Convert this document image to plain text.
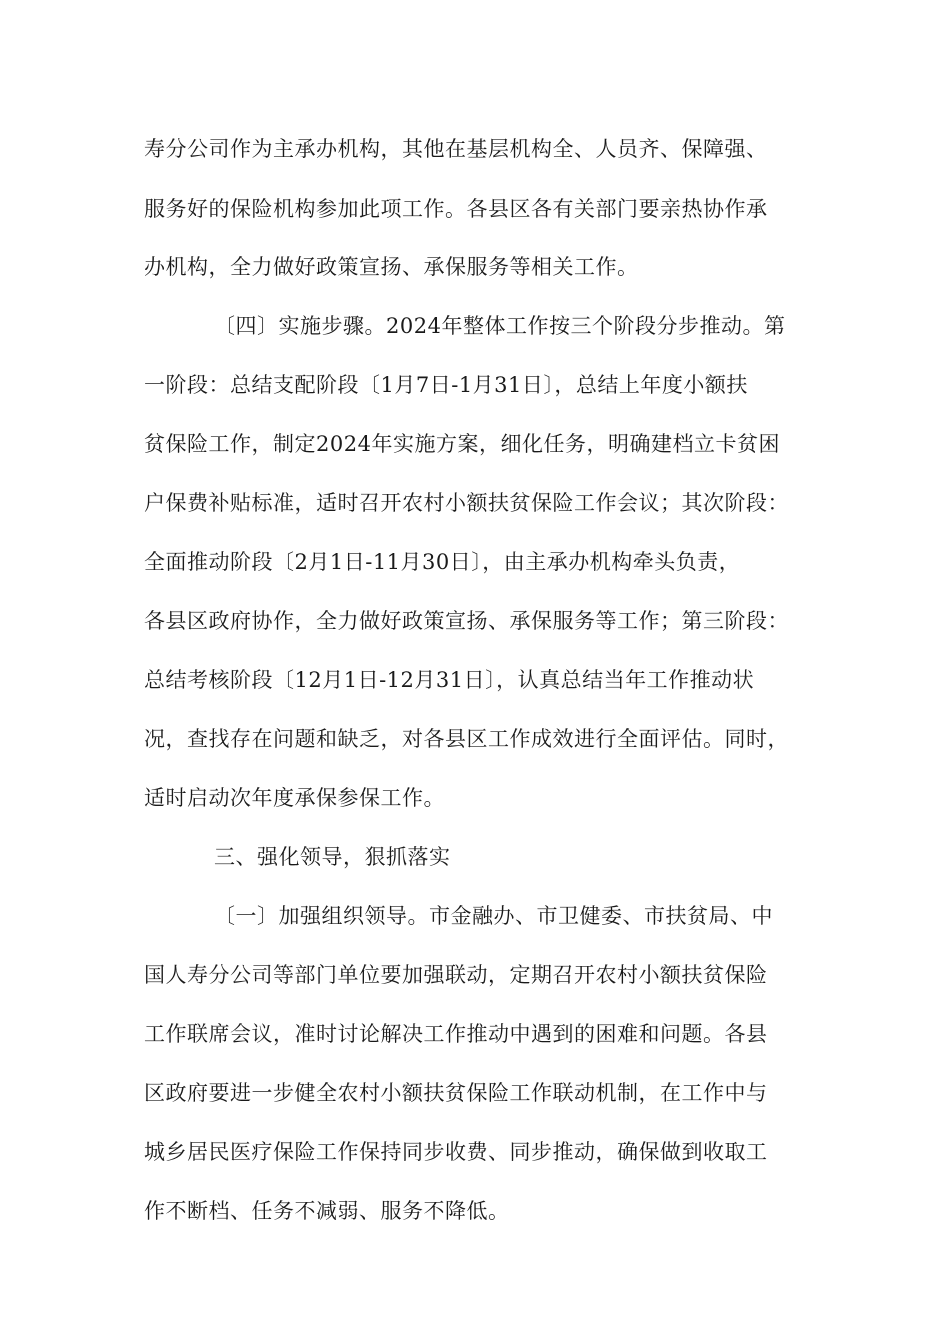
寿分公司作为主承办机构，其他在基层机构全、人员齐、保障强、
服务好的保险机构参加此项工作。各县区各有关部门要亲热协作承
办机构，全力做好政策宣扬、承保服务等相关工作。
〔四〕实施步骤。2024年整体工作按三个阶段分步推动。第
一阶段：总结支配阶段〔1月7日-1月31日〕，总结上年度小额扶
贫保险工作，制定2024年实施方案，细化任务，明确建档立卡贫困
户保费补贴标准，适时召开农村小额扶贫保险工作会议；其次阶段：
全面推动阶段〔2月1日-11月30日〕，由主承办机构牵头负责，
各县区政府协作，全力做好政策宣扬、承保服务等工作；第三阶段：
总结考核阶段〔12月1日-12月31日〕，认真总结当年工作推动状
况，查找存在问题和缺乏，对各县区工作成效进行全面评估。同时，
适时启动次年度承保参保工作。
三、强化领导，狠抓落实
〔一〕加强组织领导。市金融办、市卫健委、市扶贫局、中
国人寿分公司等部门单位要加强联动，定期召开农村小额扶贫保险
工作联席会议，准时讨论解决工作推动中遇到的困难和问题。各县
区政府要进一步健全农村小额扶贫保险工作联动机制，在工作中与
城乡居民医疗保险工作保持同步收费、同步推动，确保做到收取工
作不断档、任务不减弱、服务不降低。
